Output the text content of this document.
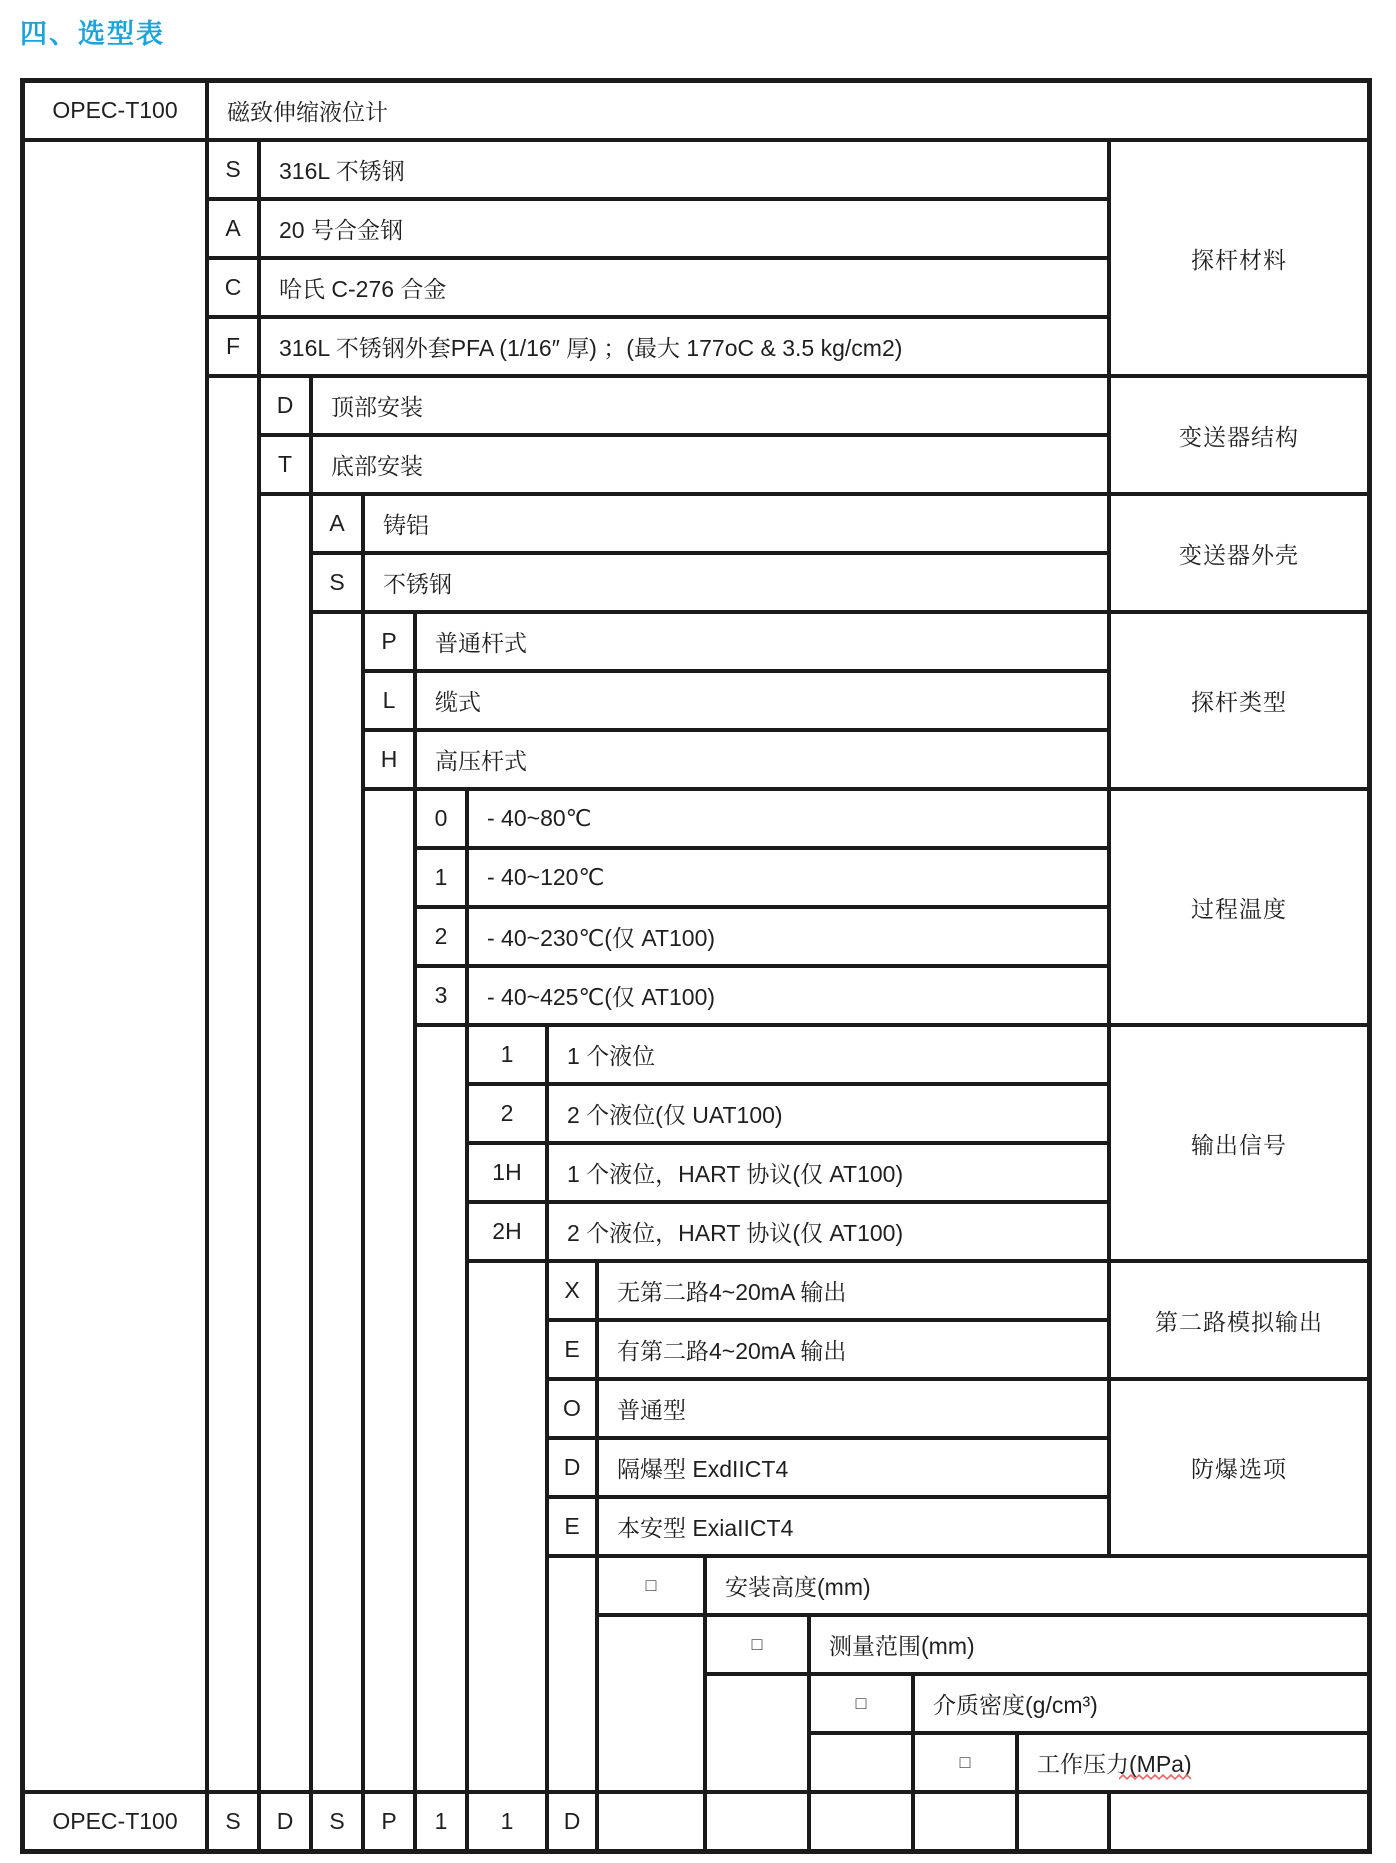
四、选型表
OPEC-T100	磁致伸缩液位计
S	316L 不锈钢
A	20 号合金钢
C	哈氏 C-276 合金
F	316L 不锈钢外套PFA (1/16″ 厚) ；(最大 177oC & 3.5 kg/cm2)
探杆材料
D	顶部安装
T	底部安装
变送器结构
A	铸铝
S	不锈钢
变送器外壳
P	普通杆式
L	缆式
H	高压杆式
探杆类型
0	- 40~80℃
1	- 40~120℃
2	- 40~230℃(仅 AT100)
3	- 40~425℃(仅 AT100)
过程温度
1	1 个液位
2	2 个液位(仅 UAT100)
1H	1 个液位，HART 协议(仅 AT100)
2H	2 个液位，HART 协议(仅 AT100)
输出信号
X	无第二路4~20mA 输出
E	有第二路4~20mA 输出
第二路模拟输出
O	普通型
D	隔爆型 ExdIICT4
E	本安型 ExiaIICT4
防爆选项
□	安装高度(mm)
□	测量范围(mm)
□	介质密度(g/cm³)
□	工作压力(MPa)
OPEC-T100	S	D	S	P	1	1	D
